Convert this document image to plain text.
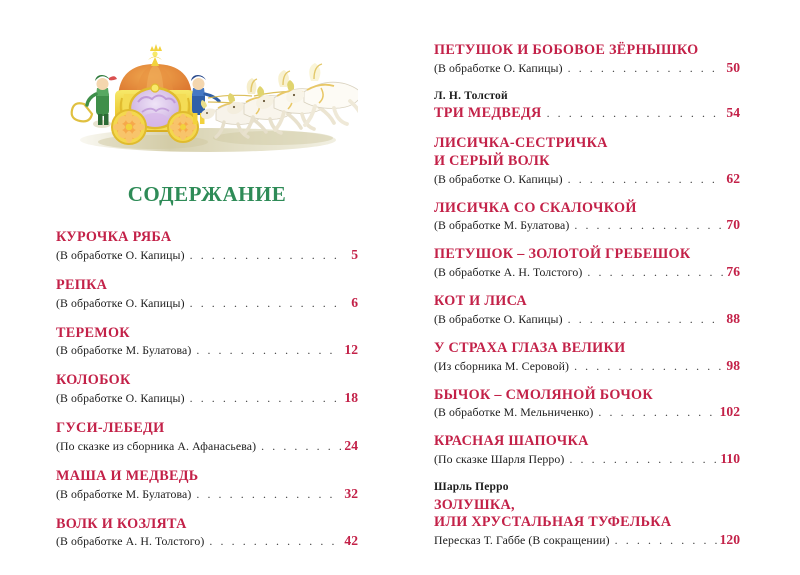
СОДЕРЖАНИЕ
КУРОЧКА РЯБА
(В обработке О. Капицы) . . .	5
РЕПКА
(В обработке О. Капицы) . . .	6
ТЕРЕМОК
(В обработке М. Булатова) . . .	12
КОЛОБОК
(В обработке О. Капицы) . . .	18
ГУСИ-ЛЕБЕДИ
(По сказке из сборника А. Афанасьева) . . .	24
МАША И МЕДВЕДЬ
(В обработке М. Булатова) . . .	32
ВОЛК И КОЗЛЯТА
(В обработке А. Н. Толстого) . . .	42
ПЕТУШОК И БОБОВОЕ ЗЁРНЫШКО
(В обработке О. Капицы) . . .	50
Л. Н. Толстой
ТРИ МЕДВЕДЯ . . .	54
ЛИСИЧКА-СЕСТРИЧКА
И СЕРЫЙ ВОЛК
(В обработке О. Капицы) . . .	62
ЛИСИЧКА СО СКАЛОЧКОЙ
(В обработке М. Булатова) . . .	70
ПЕТУШОК – ЗОЛОТОЙ ГРЕБЕШОК
(В обработке А. Н. Толстого) . . .	76
КОТ И ЛИСА
(В обработке О. Капицы) . . .	88
У СТРАХА ГЛАЗА ВЕЛИКИ
(Из сборника М. Серовой) . . .	98
БЫЧОК – СМОЛЯНОЙ БОЧОК
(В обработке М. Мельниченко) . . .	102
КРАСНАЯ ШАПОЧКА
(По сказке Шарля Перро) . . .	110
Шарль Перро
ЗОЛУШКА,
ИЛИ ХРУСТАЛЬНАЯ ТУФЕЛЬКА
Пересказ Т. Габбе (В сокращении) . . .	120
